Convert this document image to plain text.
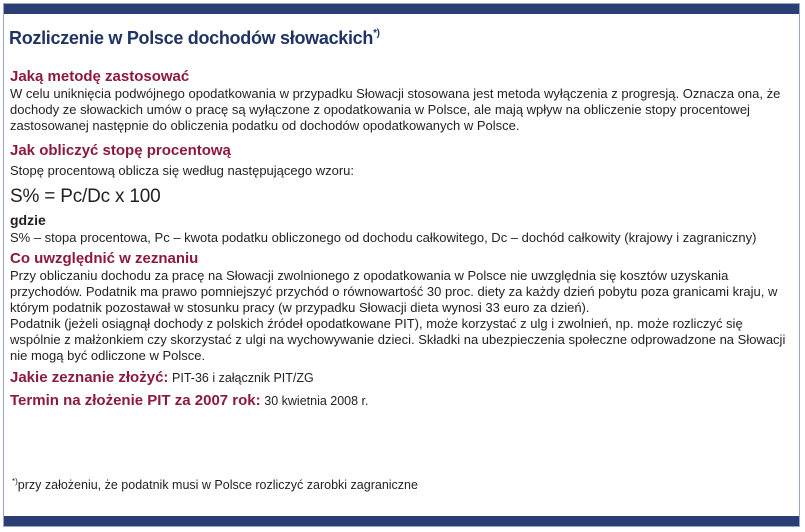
Rozliczenie w Polsce dochodów słowackich*)
Jaką metodę zastosować

W celu uniknięcia podwójnego opodatkowania w przypadku Słowacji stosowana jest metoda wyłączenia z progresją. Oznacza ona, że dochody ze słowackich umów o pracę są wyłączone z opodatkowania w Polsce, ale mają wpływ na obliczenie stopy procentowej zastosowanej następnie do obliczenia podatku od dochodów opodatkowanych w Polsce.

Jak obliczyć stopę procentową

Stopę procentową oblicza się według następującego wzoru:

S% = Pc/Dc x 100

gdzie

S% – stopa procentowa, Pc – kwota podatku obliczonego od dochodu całkowitego, Dc – dochód całkowity (krajowy i zagraniczny)

Co uwzględnić w zeznaniu

Przy obliczaniu dochodu za pracę na Słowacji zwolnionego z opodatkowania w Polsce nie uwzględnia się kosztów uzyskania przychodów. Podatnik ma prawo pomniejszyć przychód o równowartość 30 proc. diety za każdy dzień pobytu poza granicami kraju, w którym podatnik pozostawał w stosunku pracy (w przypadku Słowacji dieta wynosi 33 euro za dzień).

Podatnik (jeżeli osiągnął dochody z polskich źródeł opodatkowane PIT), może korzystać z ulg i zwolnień, np. może rozliczyć się wspólnie z małżonkiem czy skorzystać z ulgi na wychowywanie dzieci. Składki na ubezpieczenia społeczne odprowadzone na Słowacji nie mogą być odliczone w Polsce.

Jakie zeznanie złożyć: PIT-36 i załącznik PIT/ZG

Termin na złożenie PIT za 2007 rok: 30 kwietnia 2008 r.

*)przy założeniu, że podatnik musi w Polsce rozliczyć zarobki zagraniczne
